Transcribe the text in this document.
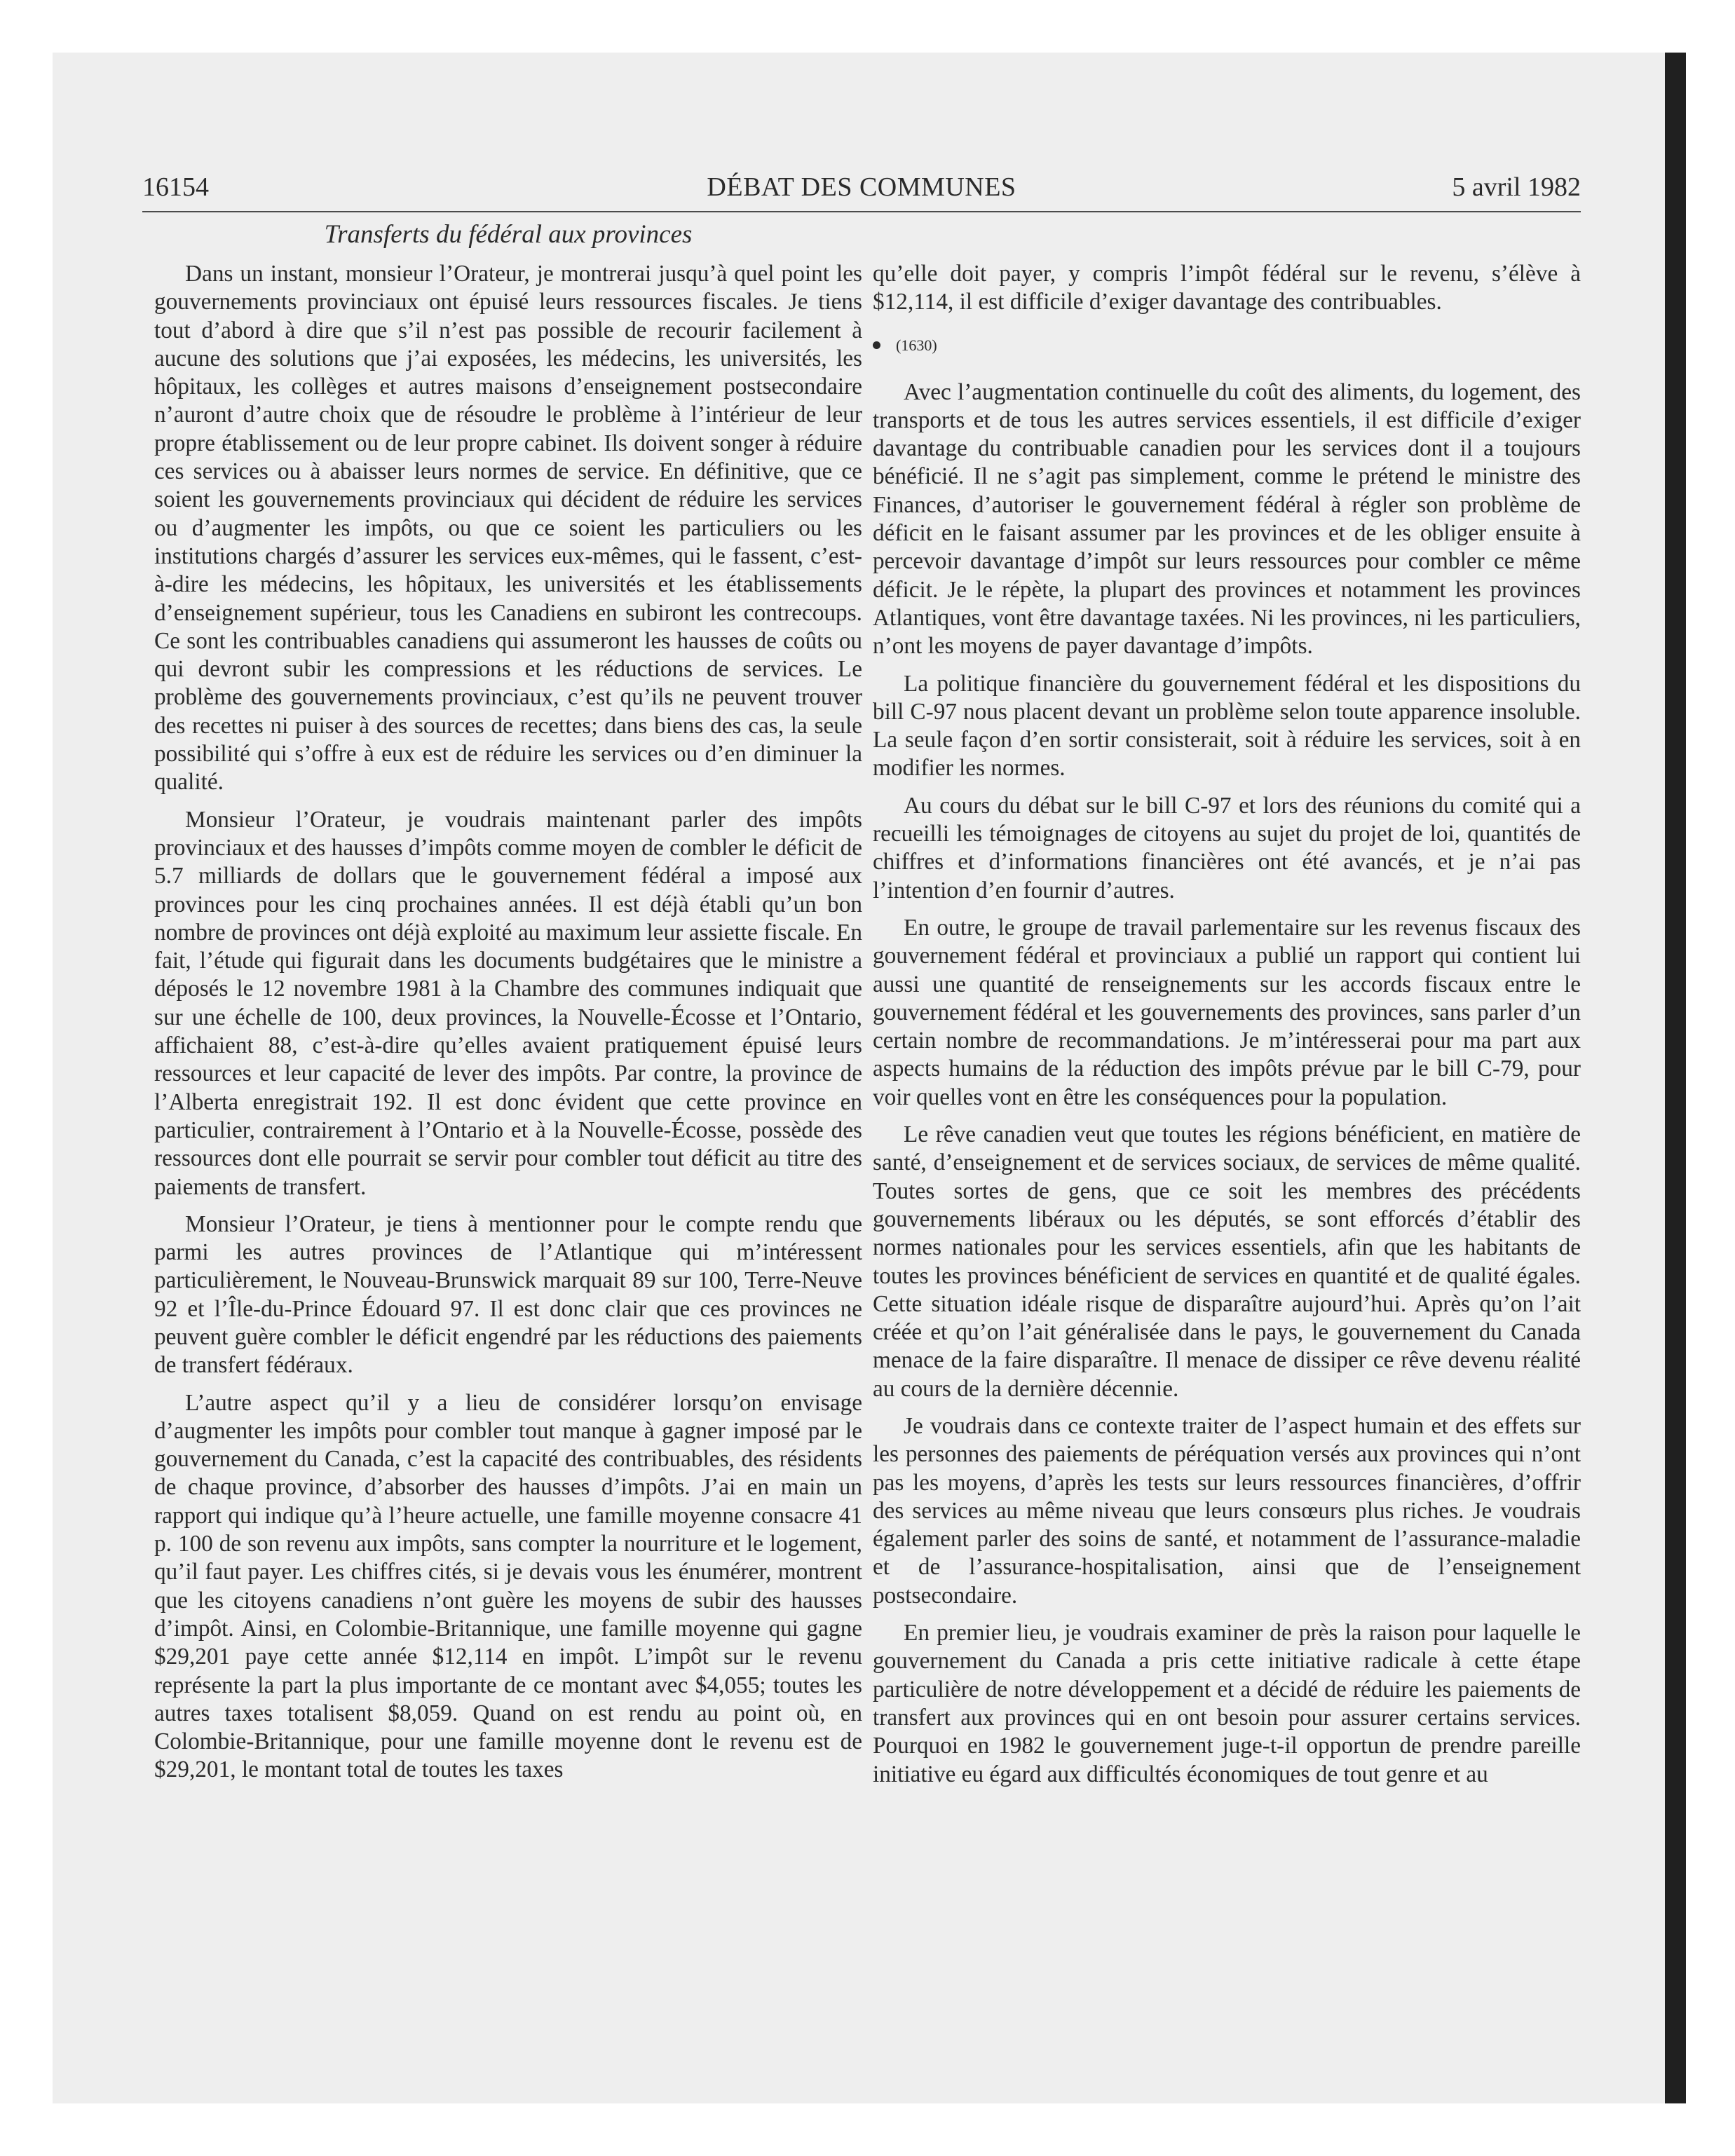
16154	DÉBAT DES COMMUNES	5 avril 1982
Transferts du fédéral aux provinces

Dans un instant, monsieur l’Orateur, je montrerai jusqu’à quel point les gouvernements provinciaux ont épuisé leurs ressources fiscales. Je tiens tout d’abord à dire que s’il n’est pas possible de recourir facilement à aucune des solutions que j’ai exposées, les médecins, les universités, les hôpitaux, les collèges et autres maisons d’enseignement postsecondaire n’auront d’autre choix que de résoudre le problème à l’intérieur de leur propre établissement ou de leur propre cabinet. Ils doivent songer à réduire ces services ou à abaisser leurs normes de service. En définitive, que ce soient les gouvernements provinciaux qui décident de réduire les services ou d’augmenter les impôts, ou que ce soient les particuliers ou les institutions chargés d’assurer les services eux-mêmes, qui le fassent, c’est-à-dire les médecins, les hôpitaux, les universités et les établissements d’enseignement supérieur, tous les Canadiens en subiront les contrecoups. Ce sont les contribuables canadiens qui assumeront les hausses de coûts ou qui devront subir les compressions et les réductions de services. Le problème des gouvernements provinciaux, c’est qu’ils ne peuvent trouver des recettes ni puiser à des sources de recettes; dans biens des cas, la seule possibilité qui s’offre à eux est de réduire les services ou d’en diminuer la qualité.

Monsieur l’Orateur, je voudrais maintenant parler des impôts provinciaux et des hausses d’impôts comme moyen de combler le déficit de 5.7 milliards de dollars que le gouvernement fédéral a imposé aux provinces pour les cinq prochaines années. Il est déjà établi qu’un bon nombre de provinces ont déjà exploité au maximum leur assiette fiscale. En fait, l’étude qui figurait dans les documents budgétaires que le ministre a déposés le 12 novembre 1981 à la Chambre des communes indiquait que sur une échelle de 100, deux provinces, la Nouvelle-Écosse et l’Ontario, affichaient 88, c’est-à-dire qu’elles avaient pratiquement épuisé leurs ressources et leur capacité de lever des impôts. Par contre, la province de l’Alberta enregistrait 192. Il est donc évident que cette province en particulier, contrairement à l’Ontario et à la Nouvelle-Écosse, possède des ressources dont elle pourrait se servir pour combler tout déficit au titre des paiements de transfert.

Monsieur l’Orateur, je tiens à mentionner pour le compte rendu que parmi les autres provinces de l’Atlantique qui m’intéressent particulièrement, le Nouveau-Brunswick marquait 89 sur 100, Terre-Neuve 92 et l’Île-du-Prince Édouard 97. Il est donc clair que ces provinces ne peuvent guère combler le déficit engendré par les réductions des paiements de transfert fédéraux.

L’autre aspect qu’il y a lieu de considérer lorsqu’on envisage d’augmenter les impôts pour combler tout manque à gagner imposé par le gouvernement du Canada, c’est la capacité des contribuables, des résidents de chaque province, d’absorber des hausses d’impôts. J’ai en main un rapport qui indique qu’à l’heure actuelle, une famille moyenne consacre 41 p. 100 de son revenu aux impôts, sans compter la nourriture et le logement, qu’il faut payer. Les chiffres cités, si je devais vous les énumérer, montrent que les citoyens canadiens n’ont guère les moyens de subir des hausses d’impôt. Ainsi, en Colombie-Britannique, une famille moyenne qui gagne $29,201 paye cette année $12,114 en impôt. L’impôt sur le revenu représente la part la plus importante de ce montant avec $4,055; toutes les autres taxes totalisent $8,059. Quand on est rendu au point où, en Colombie-Britannique, pour une famille moyenne dont le revenu est de $29,201, le montant total de toutes les taxes

qu’elle doit payer, y compris l’impôt fédéral sur le revenu, s’élève à $12,114, il est difficile d’exiger davantage des contribuables.

(1630)

Avec l’augmentation continuelle du coût des aliments, du logement, des transports et de tous les autres services essentiels, il est difficile d’exiger davantage du contribuable canadien pour les services dont il a toujours bénéficié. Il ne s’agit pas simplement, comme le prétend le ministre des Finances, d’autoriser le gouvernement fédéral à régler son problème de déficit en le faisant assumer par les provinces et de les obliger ensuite à percevoir davantage d’impôt sur leurs ressources pour combler ce même déficit. Je le répète, la plupart des provinces et notamment les provinces Atlantiques, vont être davantage taxées. Ni les provinces, ni les particuliers, n’ont les moyens de payer davantage d’impôts.

La politique financière du gouvernement fédéral et les dispositions du bill C-97 nous placent devant un problème selon toute apparence insoluble. La seule façon d’en sortir consisterait, soit à réduire les services, soit à en modifier les normes.

Au cours du débat sur le bill C-97 et lors des réunions du comité qui a recueilli les témoignages de citoyens au sujet du projet de loi, quantités de chiffres et d’informations financières ont été avancés, et je n’ai pas l’intention d’en fournir d’autres.

En outre, le groupe de travail parlementaire sur les revenus fiscaux des gouvernement fédéral et provinciaux a publié un rapport qui contient lui aussi une quantité de renseignements sur les accords fiscaux entre le gouvernement fédéral et les gouvernements des provinces, sans parler d’un certain nombre de recommandations. Je m’intéresserai pour ma part aux aspects humains de la réduction des impôts prévue par le bill C-79, pour voir quelles vont en être les conséquences pour la population.

Le rêve canadien veut que toutes les régions bénéficient, en matière de santé, d’enseignement et de services sociaux, de services de même qualité. Toutes sortes de gens, que ce soit les membres des précédents gouvernements libéraux ou les députés, se sont efforcés d’établir des normes nationales pour les services essentiels, afin que les habitants de toutes les provinces bénéficient de services en quantité et de qualité égales. Cette situation idéale risque de disparaître aujourd’hui. Après qu’on l’ait créée et qu’on l’ait généralisée dans le pays, le gouvernement du Canada menace de la faire disparaître. Il menace de dissiper ce rêve devenu réalité au cours de la dernière décennie.

Je voudrais dans ce contexte traiter de l’aspect humain et des effets sur les personnes des paiements de péréquation versés aux provinces qui n’ont pas les moyens, d’après les tests sur leurs ressources financières, d’offrir des services au même niveau que leurs consœurs plus riches. Je voudrais également parler des soins de santé, et notamment de l’assurance-maladie et de l’assurance-hospitalisation, ainsi que de l’enseignement postsecondaire.

En premier lieu, je voudrais examiner de près la raison pour laquelle le gouvernement du Canada a pris cette initiative radicale à cette étape particulière de notre développement et a décidé de réduire les paiements de transfert aux provinces qui en ont besoin pour assurer certains services. Pourquoi en 1982 le gouvernement juge-t-il opportun de prendre pareille initiative eu égard aux difficultés économiques de tout genre et au
